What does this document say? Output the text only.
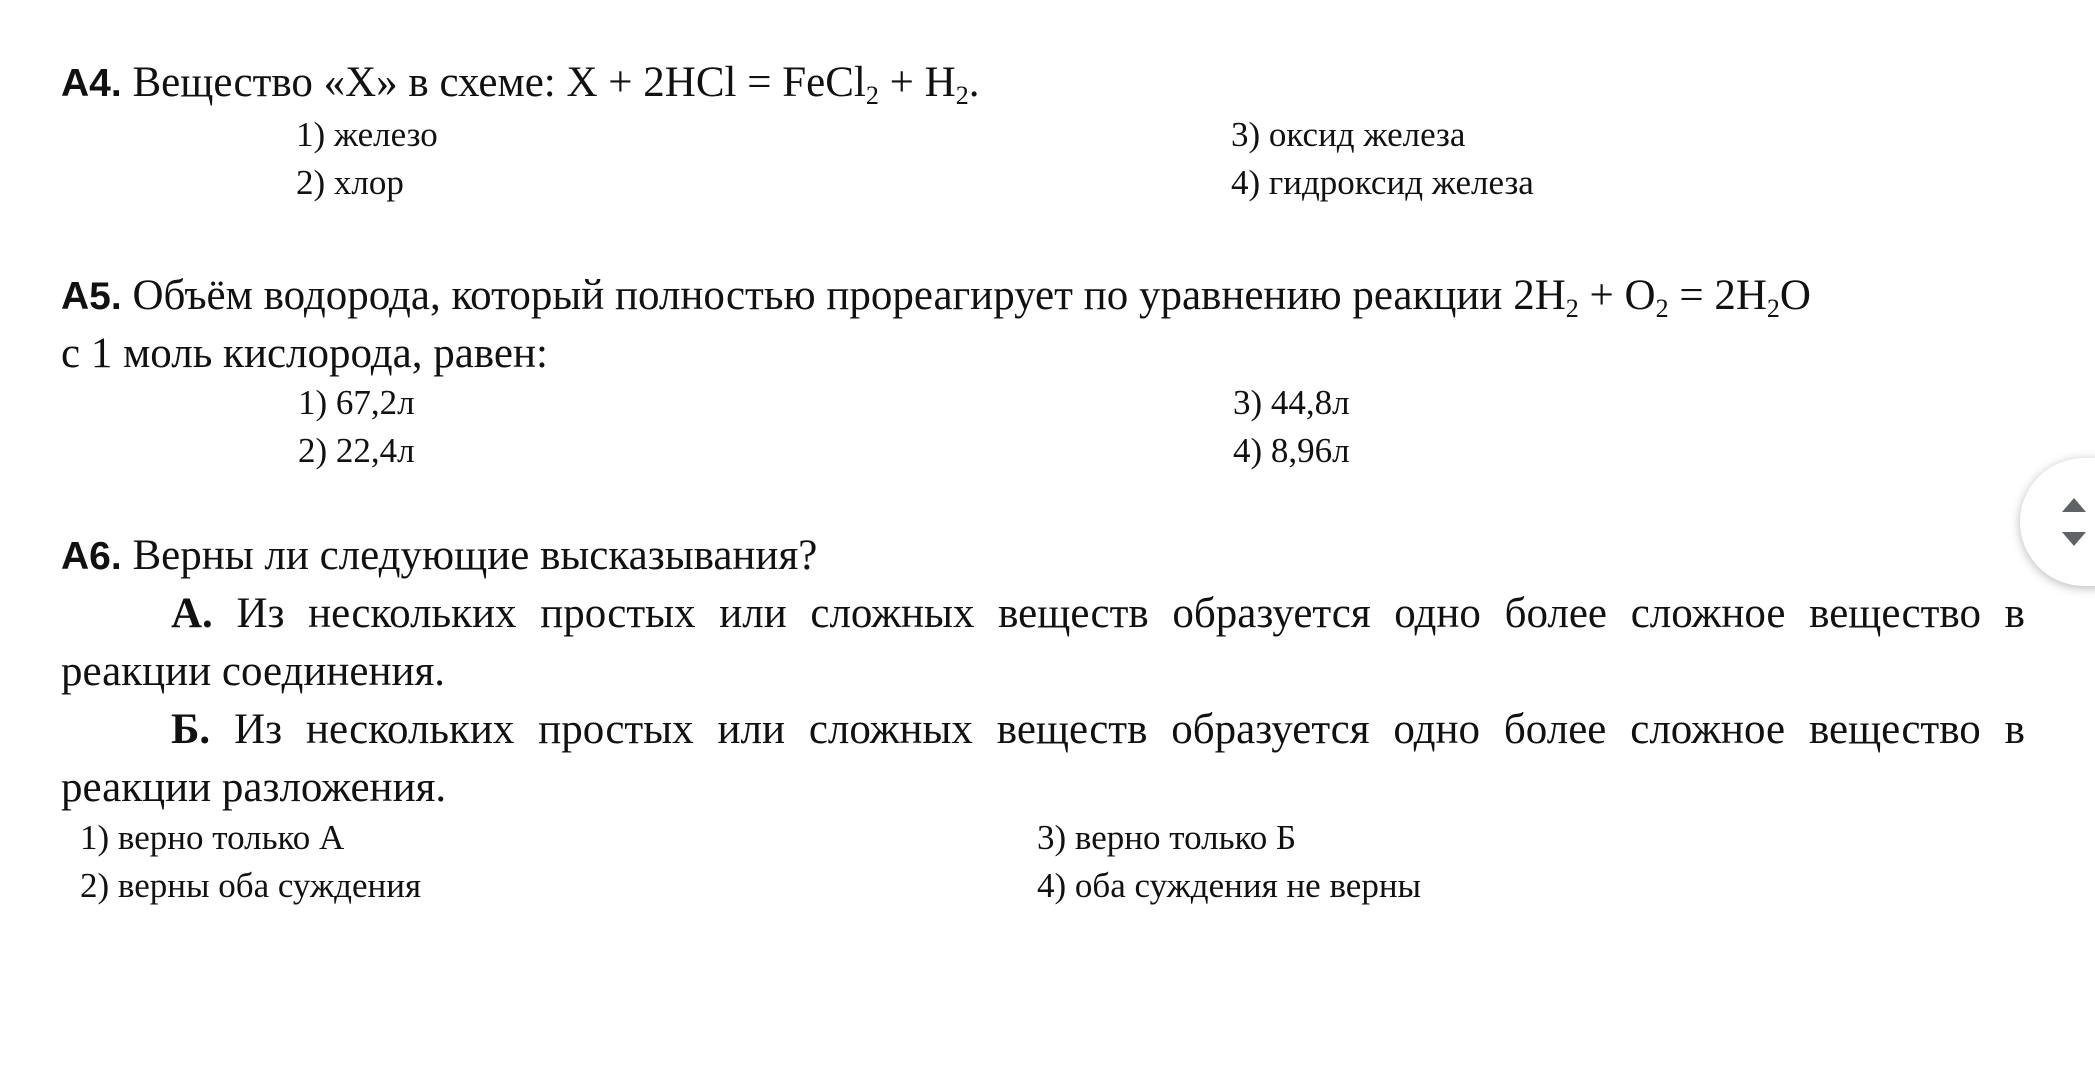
A4. Вещество «X» в схеме: X + 2HCl = FeCl$_2$ + $H_2$.
1) железо
2) хлор
3) оксид железа
4) гидроксид железа
A5. Объём водорода, который полностью прореагирует по уравнению реакции $2H_2 + O_2 = 2H_2O$
с 1 моль кислорода, равен:
1) 67,2л
2) 22,4л
3) 44,8л
4) 8,96л
A6. Верны ли следующие высказывания?
А. Из нескольких простых или сложных веществ образуется одно более сложное вещество в
реакции соединения.
Б. Из нескольких простых или сложных веществ образуется одно более сложное вещество в
реакции разложения.
1) верно только А
2) верны оба суждения
3) верно только Б
4) оба суждения не верны
